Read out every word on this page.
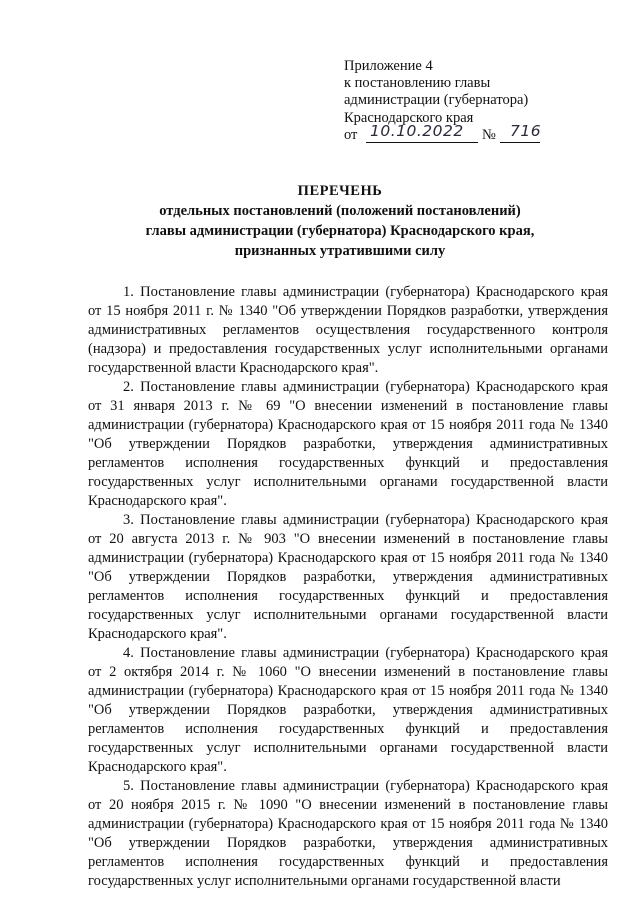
Приложение 4
к постановлению главы
администрации (губернатора)
Краснодарского края
от 10.10.2022 № 716
ПЕРЕЧЕНЬ
отдельных постановлений (положений постановлений)
главы администрации (губернатора) Краснодарского края,
признанных утратившими силу

1. Постановление главы администрации (губернатора) Краснодарского края от 15 ноября 2011 г. № 1340 "Об утверждении Порядков разработки, утверждения административных регламентов осуществления государственного контроля (надзора) и предоставления государственных услуг исполнительными органами государственной власти Краснодарского края".

2. Постановление главы администрации (губернатора) Краснодарского края от 31 января 2013 г. № 69 "О внесении изменений в постановление главы администрации (губернатора) Краснодарского края от 15 ноября 2011 года № 1340 "Об утверждении Порядков разработки, утверждения административных регламентов исполнения государственных функций и предоставления государственных услуг исполнительными органами государственной власти Краснодарского края".

3. Постановление главы администрации (губернатора) Краснодарского края от 20 августа 2013 г. № 903 "О внесении изменений в постановление главы администрации (губернатора) Краснодарского края от 15 ноября 2011 года № 1340 "Об утверждении Порядков разработки, утверждения административных регламентов исполнения государственных функций и предоставления государственных услуг исполнительными органами государственной власти Краснодарского края".

4. Постановление главы администрации (губернатора) Краснодарского края от 2 октября 2014 г. № 1060 "О внесении изменений в постановление главы администрации (губернатора) Краснодарского края от 15 ноября 2011 года № 1340 "Об утверждении Порядков разработки, утверждения административных регламентов исполнения государственных функций и предоставления государственных услуг исполнительными органами государственной власти Краснодарского края".

5. Постановление главы администрации (губернатора) Краснодарского края от 20 ноября 2015 г. № 1090 "О внесении изменений в постановление главы администрации (губернатора) Краснодарского края от 15 ноября 2011 года № 1340 "Об утверждении Порядков разработки, утверждения административных регламентов исполнения государственных функций и предоставления государственных услуг исполнительными органами государственной власти
